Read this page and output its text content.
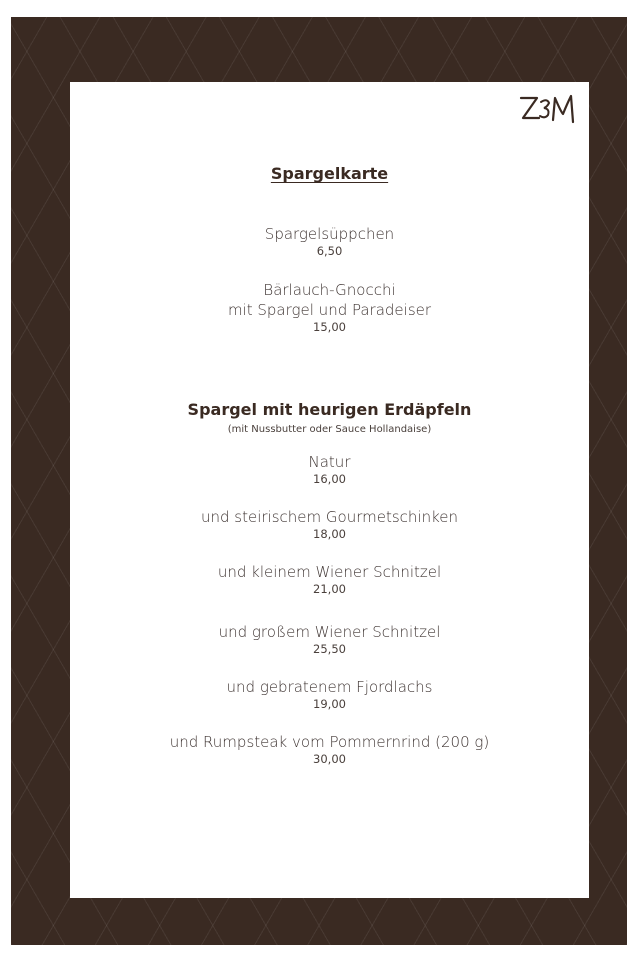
Spargelkarte
Spargelsüppchen
6,50
Bärlauch-Gnocchi
mit Spargel und Paradeiser
15,00
Spargel mit heurigen Erdäpfeln
(mit Nussbutter oder Sauce Hollandaise)
Natur
16,00
und steirischem Gourmetschinken
18,00
und kleinem Wiener Schnitzel
21,00
und großem Wiener Schnitzel
25,50
und gebratenem Fjordlachs
19,00
und Rumpsteak vom Pommernrind (200 g)
30,00
